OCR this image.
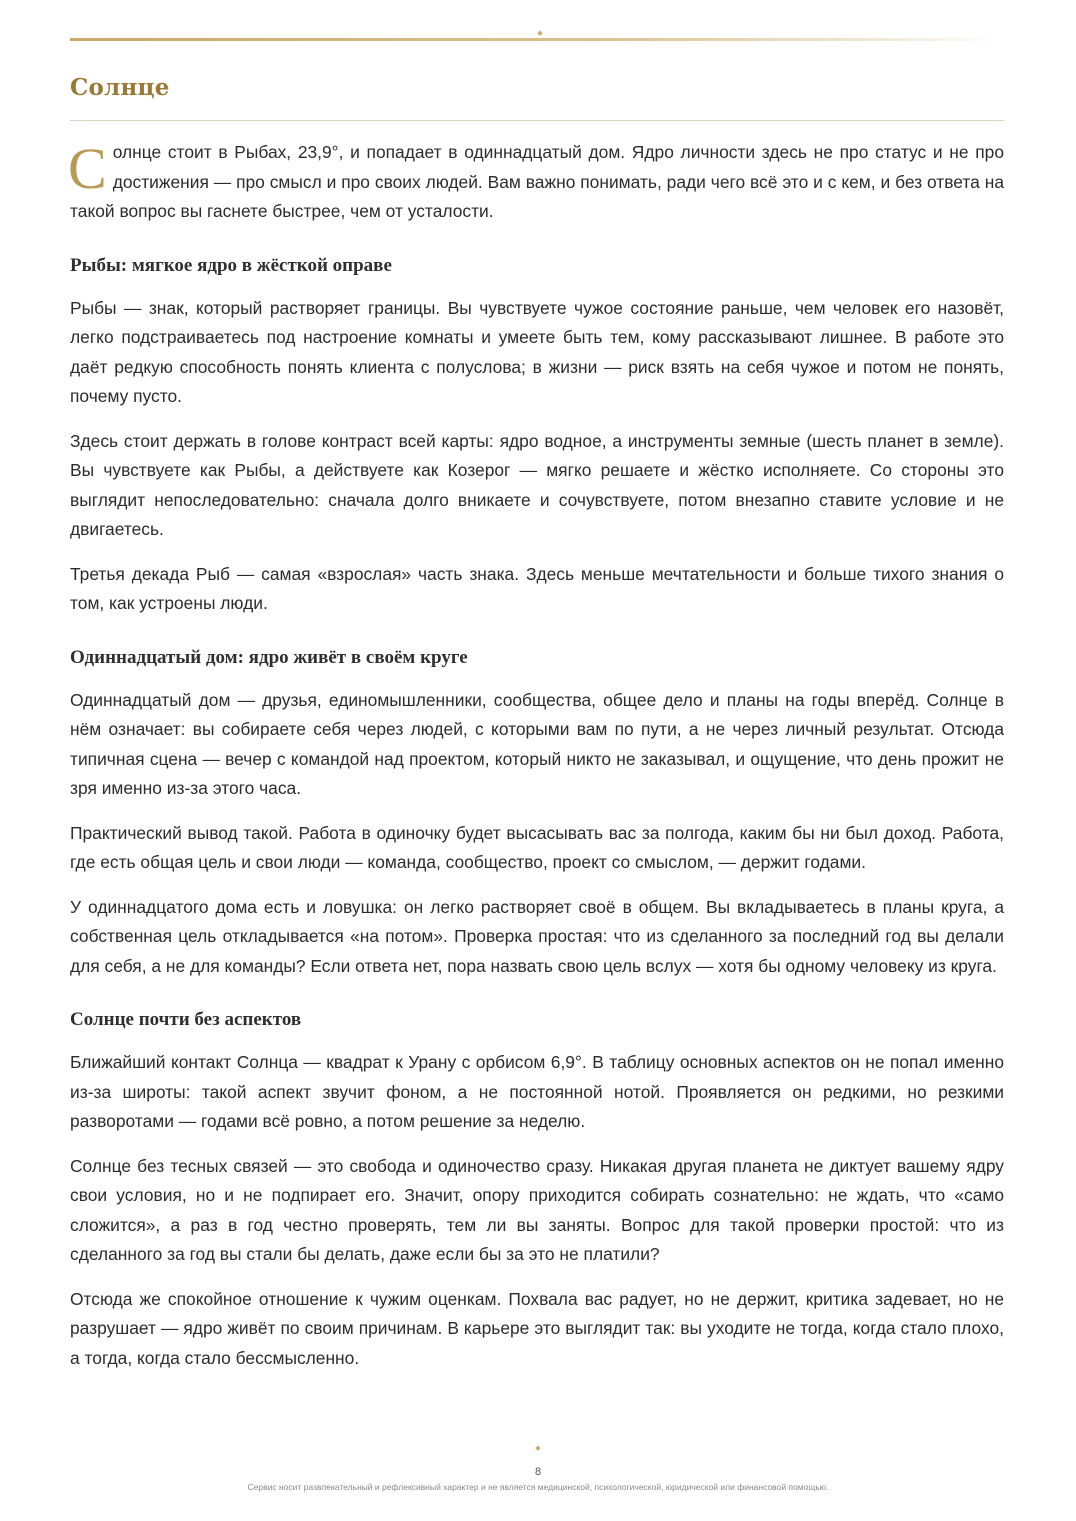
◆
Солнце

Солнце стоит в Рыбах, 23,9°, и попадает в одиннадцатый дом. Ядро личности здесь не про статус и не про достижения — про смысл и про своих людей. Вам важно понимать, ради чего всё это и с кем, и без ответа на такой вопрос вы гаснете быстрее, чем от усталости.

Рыбы: мягкое ядро в жёсткой оправе

Рыбы — знак, который растворяет границы. Вы чувствуете чужое состояние раньше, чем человек его назовёт, легко подстраиваетесь под настроение комнаты и умеете быть тем, кому рассказывают лишнее. В работе это даёт редкую способность понять клиента с полуслова; в жизни — риск взять на себя чужое и потом не понять, почему пусто.

Здесь стоит держать в голове контраст всей карты: ядро водное, а инструменты земные (шесть планет в земле). Вы чувствуете как Рыбы, а действуете как Козерог — мягко решаете и жёстко исполняете. Со стороны это выглядит непоследовательно: сначала долго вникаете и сочувствуете, потом внезапно ставите условие и не двигаетесь.

Третья декада Рыб — самая «взрослая» часть знака. Здесь меньше мечтательности и больше тихого знания о том, как устроены люди.

Одиннадцатый дом: ядро живёт в своём круге

Одиннадцатый дом — друзья, единомышленники, сообщества, общее дело и планы на годы вперёд. Солнце в нём означает: вы собираете себя через людей, с которыми вам по пути, а не через личный результат. Отсюда типичная сцена — вечер с командой над проектом, который никто не заказывал, и ощущение, что день прожит не зря именно из-за этого часа.

Практический вывод такой. Работа в одиночку будет высасывать вас за полгода, каким бы ни был доход. Работа, где есть общая цель и свои люди — команда, сообщество, проект со смыслом, — держит годами.

У одиннадцатого дома есть и ловушка: он легко растворяет своё в общем. Вы вкладываетесь в планы круга, а собственная цель откладывается «на потом». Проверка простая: что из сделанного за последний год вы делали для себя, а не для команды? Если ответа нет, пора назвать свою цель вслух — хотя бы одному человеку из круга.

Солнце почти без аспектов

Ближайший контакт Солнца — квадрат к Урану с орбисом 6,9°. В таблицу основных аспектов он не попал именно из-за широты: такой аспект звучит фоном, а не постоянной нотой. Проявляется он редкими, но резкими разворотами — годами всё ровно, а потом решение за неделю.

Солнце без тесных связей — это свобода и одиночество сразу. Никакая другая планета не диктует вашему ядру свои условия, но и не подпирает его. Значит, опору приходится собирать сознательно: не ждать, что «само сложится», а раз в год честно проверять, тем ли вы заняты. Вопрос для такой проверки простой: что из сделанного за год вы стали бы делать, даже если бы за это не платили?

Отсюда же спокойное отношение к чужим оценкам. Похвала вас радует, но не держит, критика задевает, но не разрушает — ядро живёт по своим причинам. В карьере это выглядит так: вы уходите не тогда, когда стало плохо, а тогда, когда стало бессмысленно.

◆
8
Сервис носит развлекательный и рефлексивный характер и не является медицинской, психологической, юридической или финансовой помощью.
